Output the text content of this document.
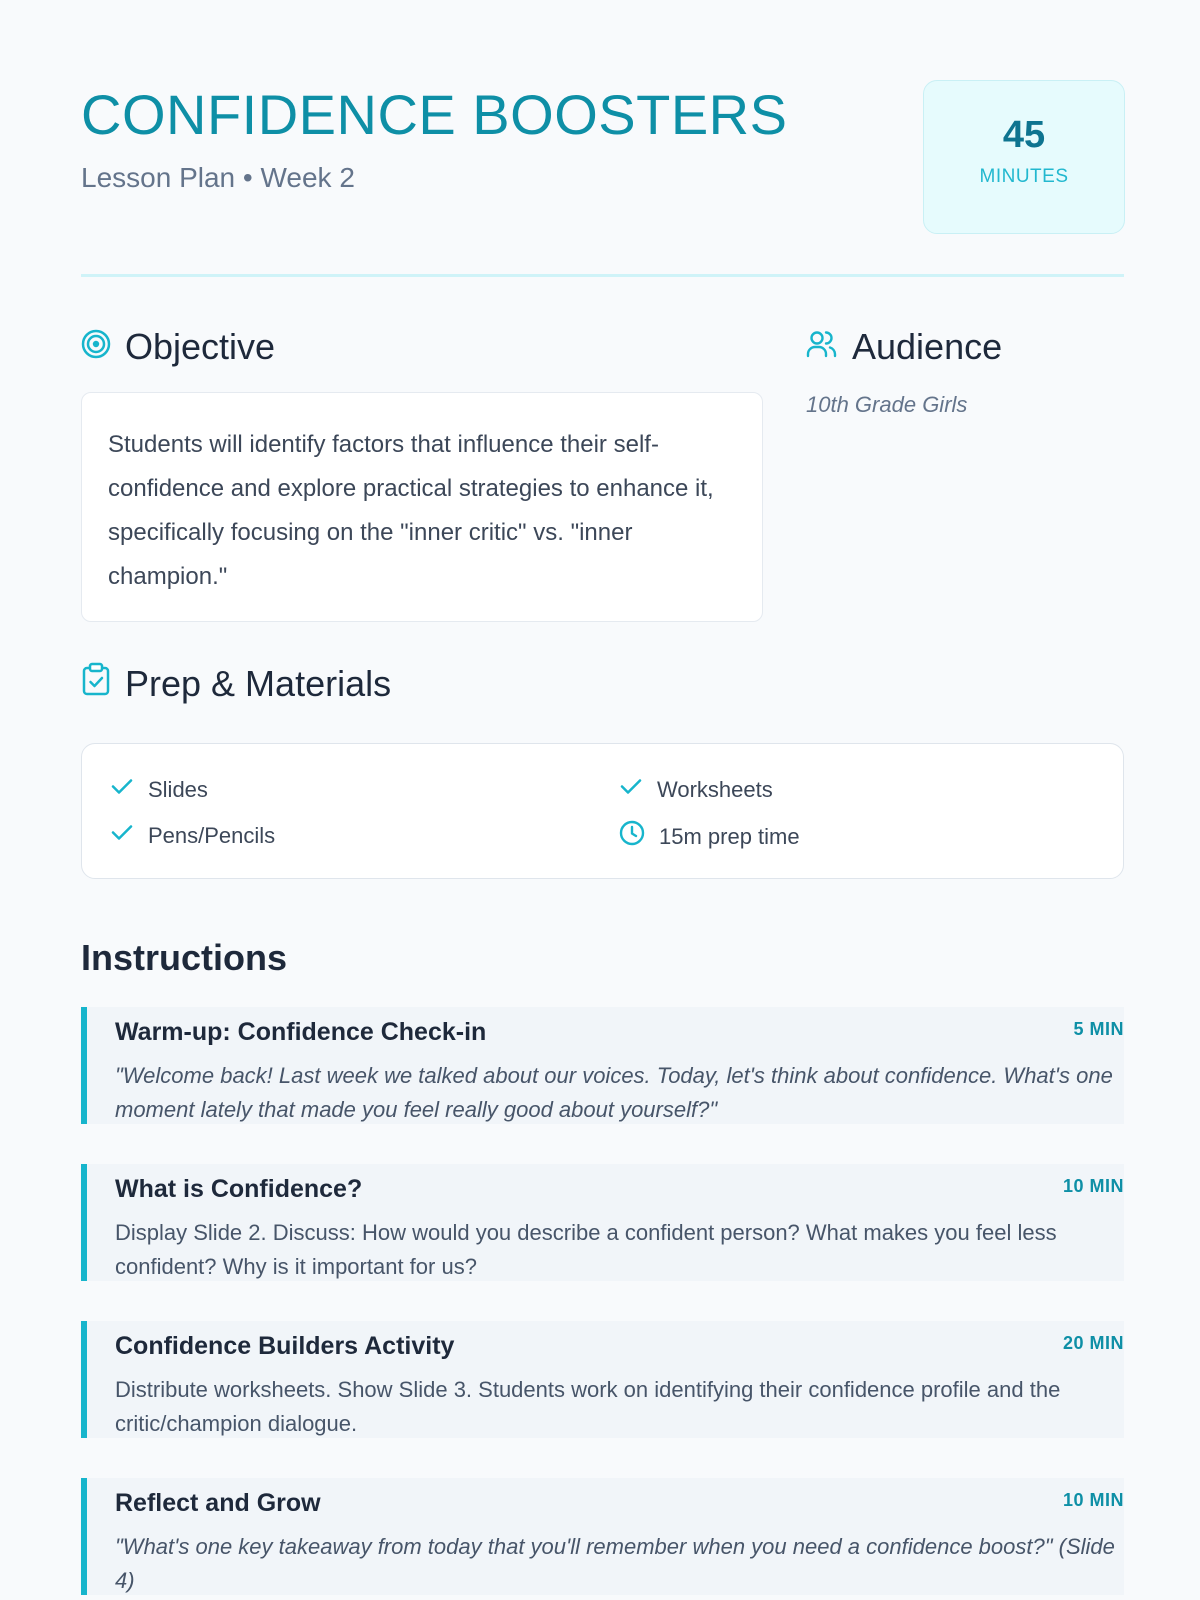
CONFIDENCE BOOSTERS
Lesson Plan • Week 2
45
MINUTES
Objective

Students will identify factors that influence their self-confidence and explore practical strategies to enhance it, specifically focusing on the "inner critic" vs. "inner champion."

Audience
10th Grade Girls
Prep & Materials
Slides	Worksheets
Pens/Pencils	15m prep time
Instructions
Warm-up: Confidence Check-in	5 MIN
"Welcome back! Last week we talked about our voices. Today, let's think about confidence. What's one moment lately that made you feel really good about yourself?"
What is Confidence?	10 MIN
Display Slide 2. Discuss: How would you describe a confident person? What makes you feel less confident? Why is it important for us?
Confidence Builders Activity	20 MIN
Distribute worksheets. Show Slide 3. Students work on identifying their confidence profile and the critic/champion dialogue.
Reflect and Grow	10 MIN
"What's one key takeaway from today that you'll remember when you need a confidence boost?" (Slide 4)
